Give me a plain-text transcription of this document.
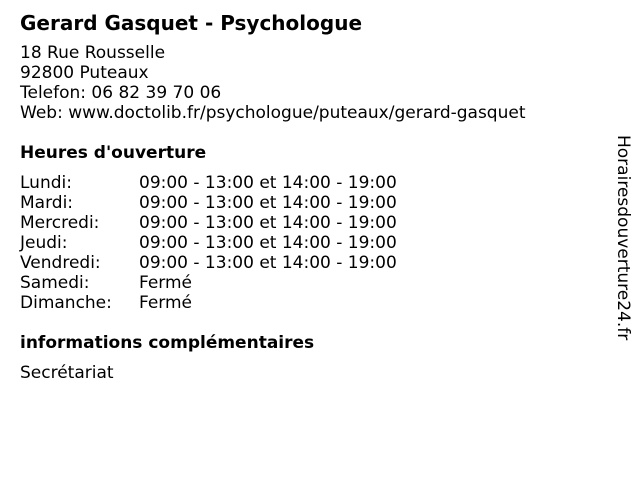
Gerard Gasquet - Psychologue
18 Rue Rousselle
92800 Puteaux
Telefon: 06 82 39 70 06
Web: www.doctolib.fr/psychologue/puteaux/gerard-gasquet
Heures d'ouverture
Lundi:	09:00 - 13:00 et 14:00 - 19:00
Mardi:	09:00 - 13:00 et 14:00 - 19:00
Mercredi:	09:00 - 13:00 et 14:00 - 19:00
Jeudi:	09:00 - 13:00 et 14:00 - 19:00
Vendredi:	09:00 - 13:00 et 14:00 - 19:00
Samedi:	Fermé
Dimanche:	Fermé
informations complémentaires
Secrétariat
Horairesdouverture24.fr
